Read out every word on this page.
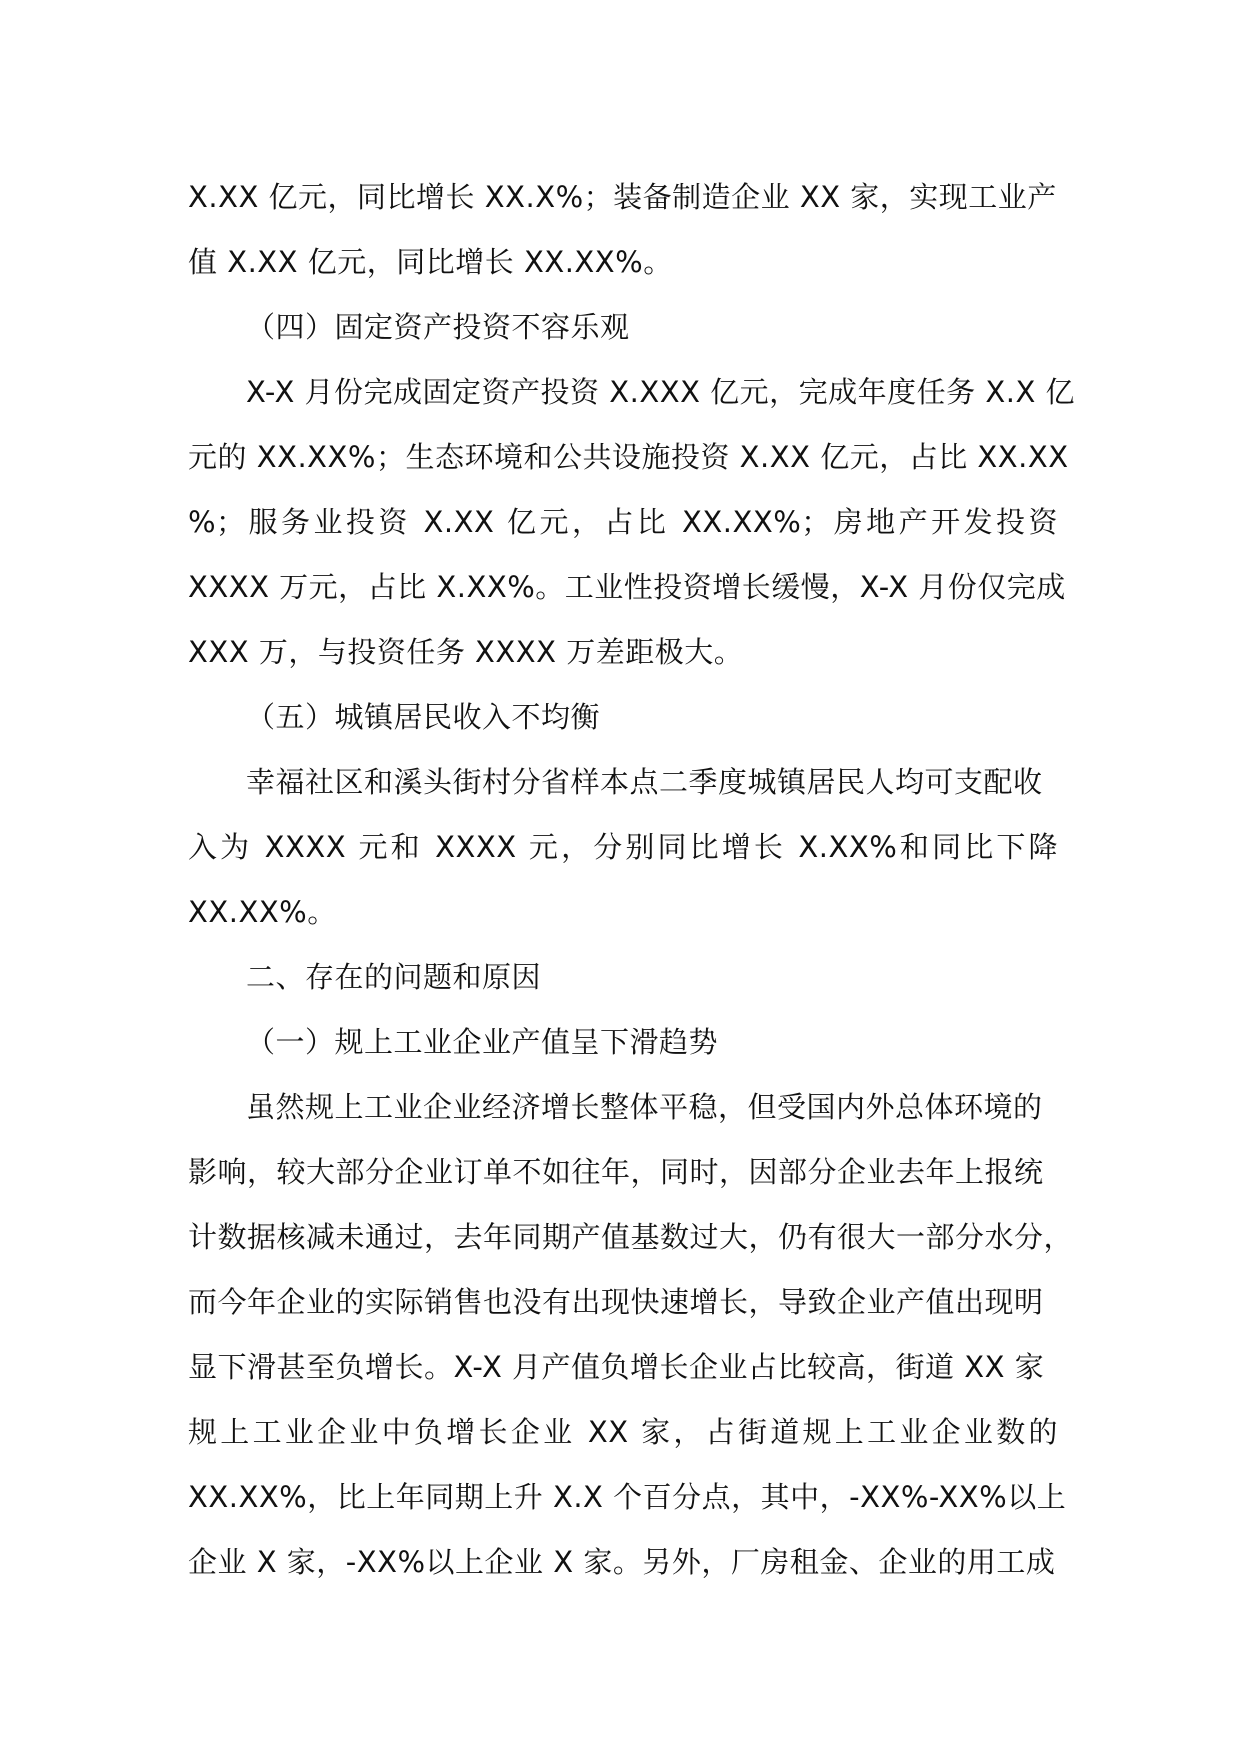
X.XX 亿元，同比增长 XX.X%；装备制造企业 XX 家，实现工业产
值 X.XX 亿元，同比增长 XX.XX%。
（四）固定资产投资不容乐观
X-X 月份完成固定资产投资 X.XXX 亿元，完成年度任务 X.X 亿
元的 XX.XX%；生态环境和公共设施投资 X.XX 亿元，占比 XX.XX
%；服务业投资 X.XX 亿元，占比 XX.XX%；房地产开发投资
XXXX 万元，占比 X.XX%。工业性投资增长缓慢，X-X 月份仅完成
XXX 万，与投资任务 XXXX 万差距极大。
（五）城镇居民收入不均衡
幸福社区和溪头街村分省样本点二季度城镇居民人均可支配收
入为 XXXX 元和 XXXX 元，分别同比增长 X.XX%和同比下降
XX.XX%。
二、存在的问题和原因
（一）规上工业企业产值呈下滑趋势
虽然规上工业企业经济增长整体平稳，但受国内外总体环境的
影响，较大部分企业订单不如往年，同时，因部分企业去年上报统
计数据核减未通过，去年同期产值基数过大，仍有很大一部分水分，
而今年企业的实际销售也没有出现快速增长，导致企业产值出现明
显下滑甚至负增长。X-X 月产值负增长企业占比较高，街道 XX 家
规上工业企业中负增长企业 XX 家，占街道规上工业企业数的
XX.XX%，比上年同期上升 X.X 个百分点，其中，-XX%-XX%以上
企业 X 家，-XX%以上企业 X 家。另外，厂房租金、企业的用工成
